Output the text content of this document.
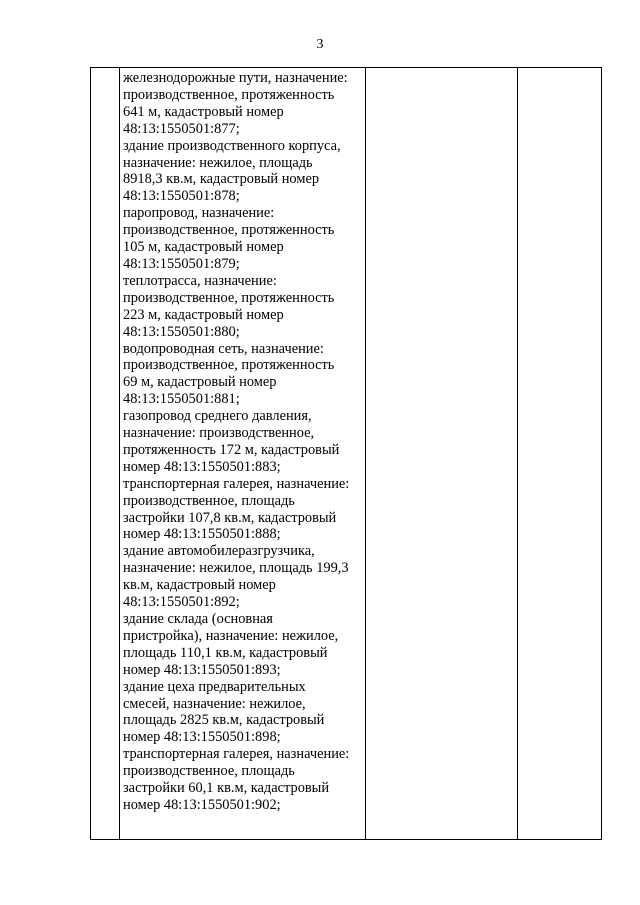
3

железнодорожные пути, назначение:
производственное, протяженность
641 м, кадастровый номер
48:13:1550501:877;
здание производственного корпуса,
назначение: нежилое, площадь
8918,3 кв.м, кадастровый номер
48:13:1550501:878;
паропровод, назначение:
производственное, протяженность
105 м, кадастровый номер
48:13:1550501:879;
теплотрасса, назначение:
производственное, протяженность
223 м, кадастровый номер
48:13:1550501:880;
водопроводная сеть, назначение:
производственное, протяженность
69 м, кадастровый номер
48:13:1550501:881;
газопровод среднего давления,
назначение: производственное,
протяженность 172 м, кадастровый
номер 48:13:1550501:883;
транспортерная галерея, назначение:
производственное, площадь
застройки 107,8 кв.м, кадастровый
номер 48:13:1550501:888;
здание автомобилеразгрузчика,
назначение: нежилое, площадь 199,3
кв.м, кадастровый номер
48:13:1550501:892;
здание склада (основная
пристройка), назначение: нежилое,
площадь 110,1 кв.м, кадастровый
номер 48:13:1550501:893;
здание цеха предварительных
смесей, назначение: нежилое,
площадь 2825 кв.м, кадастровый
номер 48:13:1550501:898;
транспортерная галерея, назначение:
производственное, площадь
застройки 60,1 кв.м, кадастровый
номер 48:13:1550501:902;
